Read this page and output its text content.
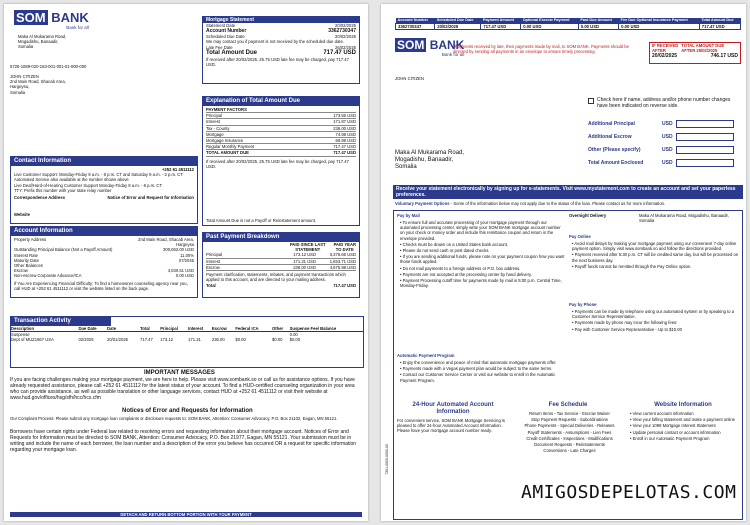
SOM BANK
Bank for all
Maka Al Mukarama Road,
Mogadishu, Banaadir,
Somalia
Mortgage Statement
Statement Date	20/02/2025
Account Number	3362730347
Scheduled Due Date	20/02/2025
We may contact you if payment is not received by the scheduled due date.
Late Fee Date	26/02/2025
Total Amount Due	717.47 USD
If received after 20/02/2025, 25.75 USD late fee may be charged, pay 717.47 USD.
5726-1089-020-163-001-001-01-000-000
JOHN CITIZEN
2nd Main Road, Shacab Area,
Hargeysa,
Somalia
Explanation of Total Amount Due
PAYMENT FACTORS
Principal	173.56 USD
Interest	171.87 USD
Tax - County	236.00 USD
Mortgage	74.98 USD
Mortgage Insurance	69.99 USD
Regular Monthly Payment	717.47 USD
TOTAL AMOUNT DUE	717.47 USD
If received after 20/02/2025, 25.75 USD late fee may be charged, pay 717.47 USD.
Total Amount Due is not a Payoff or Reinstatement amount.
Contact Information
+252 61 4511112
Live Customer Support: Monday-Friday 9 a.m. - 8 p.m. CT and Saturday 9 a.m. - 2 p.m. CT
Automated Service also available at the number shown above
Live Deaf/Hard-of-Hearing Customer Support Monday-Friday 9 a.m. - 8 p.m. CT
TTY: Prefix this number with your state relay number
Correspondence Address	Notice of Error and Request for Information
Website
Account Information
Property Address	2nd Main Road, Shacab Area,
Hargeysa
Outstanding Principal Balance (Not a Payoff Amount)	300,062.00 USD
Interest Rate	11.00%
Maturity Date	07/2045
Other Balances
Escrow	4,030.61 USD
Non-escrow Corporate Advance/ICA	0.00 USD
If You Are Experiencing Financial Difficulty: To find a homeowner counseling agency near you, call HUD at +252 61 4511112 or visit the website listed on the back page.
Past Payment Breakdown
PAID SINCE LAST
STATEMENT
PAID YEAR
TO DATE
Principal	173.12 USD	3,376.66 USD
Interest	171.31 USD	1,653.71 USD
Escrow	236.00 USD	4,675.98 USD
Payment clarification, statements, rebates, and payment transactions which applied to this account, and are directed to your mailing address.
Total	717.47 USD
Transaction Activity
Description	Due Date	Date	Total	Principal	Interest	Escrow	Federal ICA	Other	Suspense Fee/ Balance
Suspense									0.00
Dept of MUZ1667 USA	02/2025	20/01/2025	717.47	173.12	171.31	236.00	$0.00	$0.00	$0.00
IMPORTANT MESSAGES
If you are facing challenges making your mortgage payment, we are here to help. Please visit www.sombank.so or call us for assistance options. If you have already requested assistance, please call +252 61 4511112 for the latest status of your account. To find a HUD-certified counseling organization in your area who can provide assistance, as well as possible translation or other language services, contact HUD at +252 61 4511112 or visit their website at www.hud.gov/offices/hsg/sfh/hcc/hcs.cfm
Notices of Error and Requests for Information
Our Complaint Process: Please submit any mortgage loan complaints or disclosure requests to: SOM BANK, Attention: Consumer Advocacy, P.O. Box 21102, Eagan, MN 55121.
Borrowers have certain rights under Federal law related to resolving errors and requesting information about their mortgage account. Notices of Error and Requests for Information must be directed to SOM BANK, Attention: Consumer Advocacy, P.O. Box 21977, Eagan, MN 55121. Your submission must be in writing and include the name of each borrower, the loan number and a description of the error you believe has occurred OR a request for specific information regarding your mortgage loan.
DETACH AND RETURN BOTTOM PORTION WITH YOUR PAYMENT
Account Number	Scheduled Due Date	Payment Amount	Optional Escrow Payment	Past Due Amount	Fee Due Optional Insurance Payment	Total Amount Due
3362730347	20/02/2025	717.47 USD	0.00 USD	0.00 USD	0.00 USD	717.47 USD
SOM BANK
Bank for all
*Payments received by late, then payments made by mail, to SOM BANK. Payments should be directed by sending all payments in an envelope to ensure timely processing.
IF RECEIVED AFTER
TOTAL AMOUNT DUE AFTER 25/02/2025
20/02/2025	746.17 USD
JOHN CITIZEN
Check here if name, address and/or phone number changes have been indicated on reverse side.
Maka Al Mukarama Road,
Mogadishu, Banaadir,
Somalia
Additional Principal	USD
Additional Escrow	USD
Other (Please specify)	USD
Total Amount Enclosed	USD
Receive your statement electronically by signing up for e-statements. Visit www.mystatement.com to create an account and set your paperless preferences.
Voluntary Payment Options - Some of the information below may not apply due to the status of the loan. Please contact us for more information.
Pay by Mail
• To ensure full and accurate processing of your mortgage payment through our automated processing center, simply write your SOM BANK mortgage account number on your check or money order and include this remittance coupon and return in the envelope provided.
• Checks must be drawn on a United States bank account.
• Please do not send cash or post dated checks.
• If you are sending additional funds, please note on your payment coupon how you want those funds applied.
• Do not mail payments to a foreign address or P.O. box address.
• Payments are not accepted at the processing center by hand delivery.
• Payment Processing cutoff time for payments made by mail is 5:00 p.m. Central Time, Monday-Friday.
Overnight Delivery	Maka Al Mukarama Road, Mogadishu, Banaadir, Somalia
Pay Online
• Avoid mail delays by making your mortgage payment using our convenient 7-day online payment option. Simply visit www.sombank.so and follow the directions provided.
• Payment received after 5:30 p.m. CT will be credited same day, but will be processed on the next business day.
• Payoff funds cannot be remitted through the Pay Online option.
Pay by Phone
• Payments can be made by telephone using our automated system or by speaking to a Customer Service Representative.
• Payments made by phone may incur the following fees:
• Pay with Customer Service Representative - Up to $10.00
Automatic Payment Program
• Enjoy the convenience and peace of mind that automatic mortgage payments offer.
• Payments made with a Vegas payment plan would be subject to the same terms.
• Contact our Customer Service Center or visit our website to enroll in the Automatic Payment Program.
24-Hour Automated Account Information
For convenient service, SOM BANK Mortgage Servicing is pleased to offer 24-hour Automated Account Information. Please have your mortgage account number ready.
Fee Schedule
Return Items - Tax Service - Escrow Waiver
Stop Payment Requests - Subordinations
Phone Payments - Special Deliveries - Releases
Payoff Statements - Assumptions - Lien Fees
Credit Certificates - Inspections - Modifications
Document Requests - Reinstatements
Conversions - Late Charges
Website Information
• View current account information
• View your billing statement and make a payment online
• View your 1098 Mortgage Interest Statement
• Update personal contact or account information
• Enroll in our Automatic Payment Program
7261-0000-0000-00
AMIGOSDEPELOTAS.COM
